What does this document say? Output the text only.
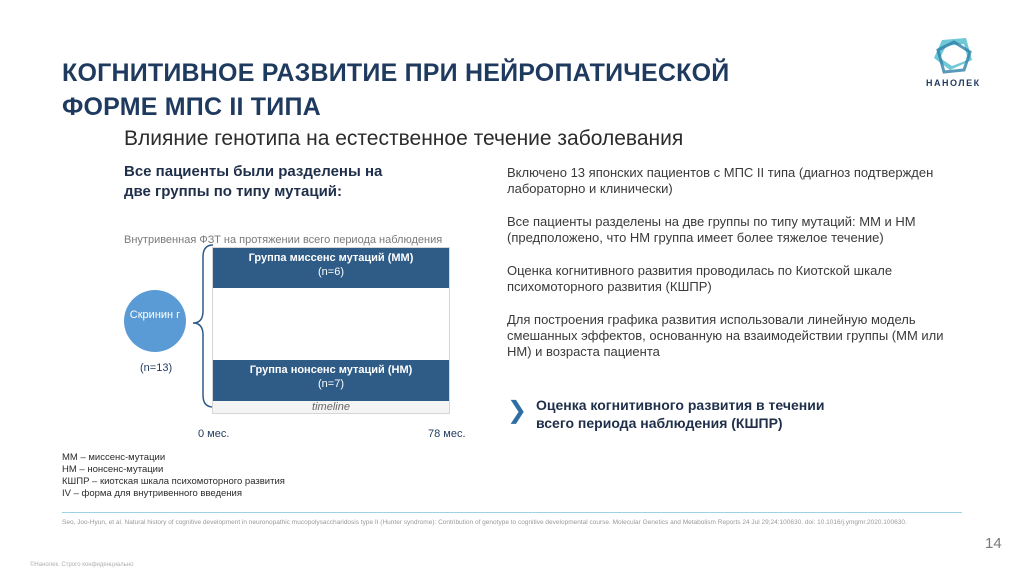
КОГНИТИВНОЕ РАЗВИТИЕ ПРИ НЕЙРОПАТИЧЕСКОЙ
ФОРМЕ МПС II ТИПА
НАНОЛЕК
Влияние генотипа на естественное течение заболевания
Все пациенты были разделены на две группы по типу мутаций:
Внутривенная ФЗТ на протяжении всего периода наблюдения
Группа миссенс мутаций (ММ)
(n=6)
Группа нонсенс мутаций (НМ)
(n=7)
timeline
Скринин г
(n=13)
0 мес.	78 мес.

Включено 13 японских пациентов с МПС II типа (диагноз подтвержден лабораторно и клинически)

Все пациенты разделены на две группы по типу мутаций: ММ и НМ (предположено, что НМ группа имеет более тяжелое течение)

Оценка когнитивного развития проводилась по Киотской шкале психомоторного развития (КШПР)

Для построения графика развития использовали линейную модель смешанных эффектов, основанную на взаимодействии группы (ММ или НМ) и возраста пациента

❯ Оценка когнитивного развития в течении всего периода наблюдения (КШПР)
ММ – миссенс-мутации
НМ – нонсенс-мутации
КШПР – киотская шкала психомоторного развития
IV – форма для внутривенного введения
Seo, Joo-Hyun, et al. Natural history of cognitive development in neuronopathic mucopolysaccharidosis type II (Hunter syndrome): Contribution of genotype to cognitive developmental course. Molecular Genetics and Metabolism Reports 24 Jul 29;24:100630. doi: 10.1016/j.ymgmr.2020.100630.
14
©Нанолек. Строго конфиденциально
